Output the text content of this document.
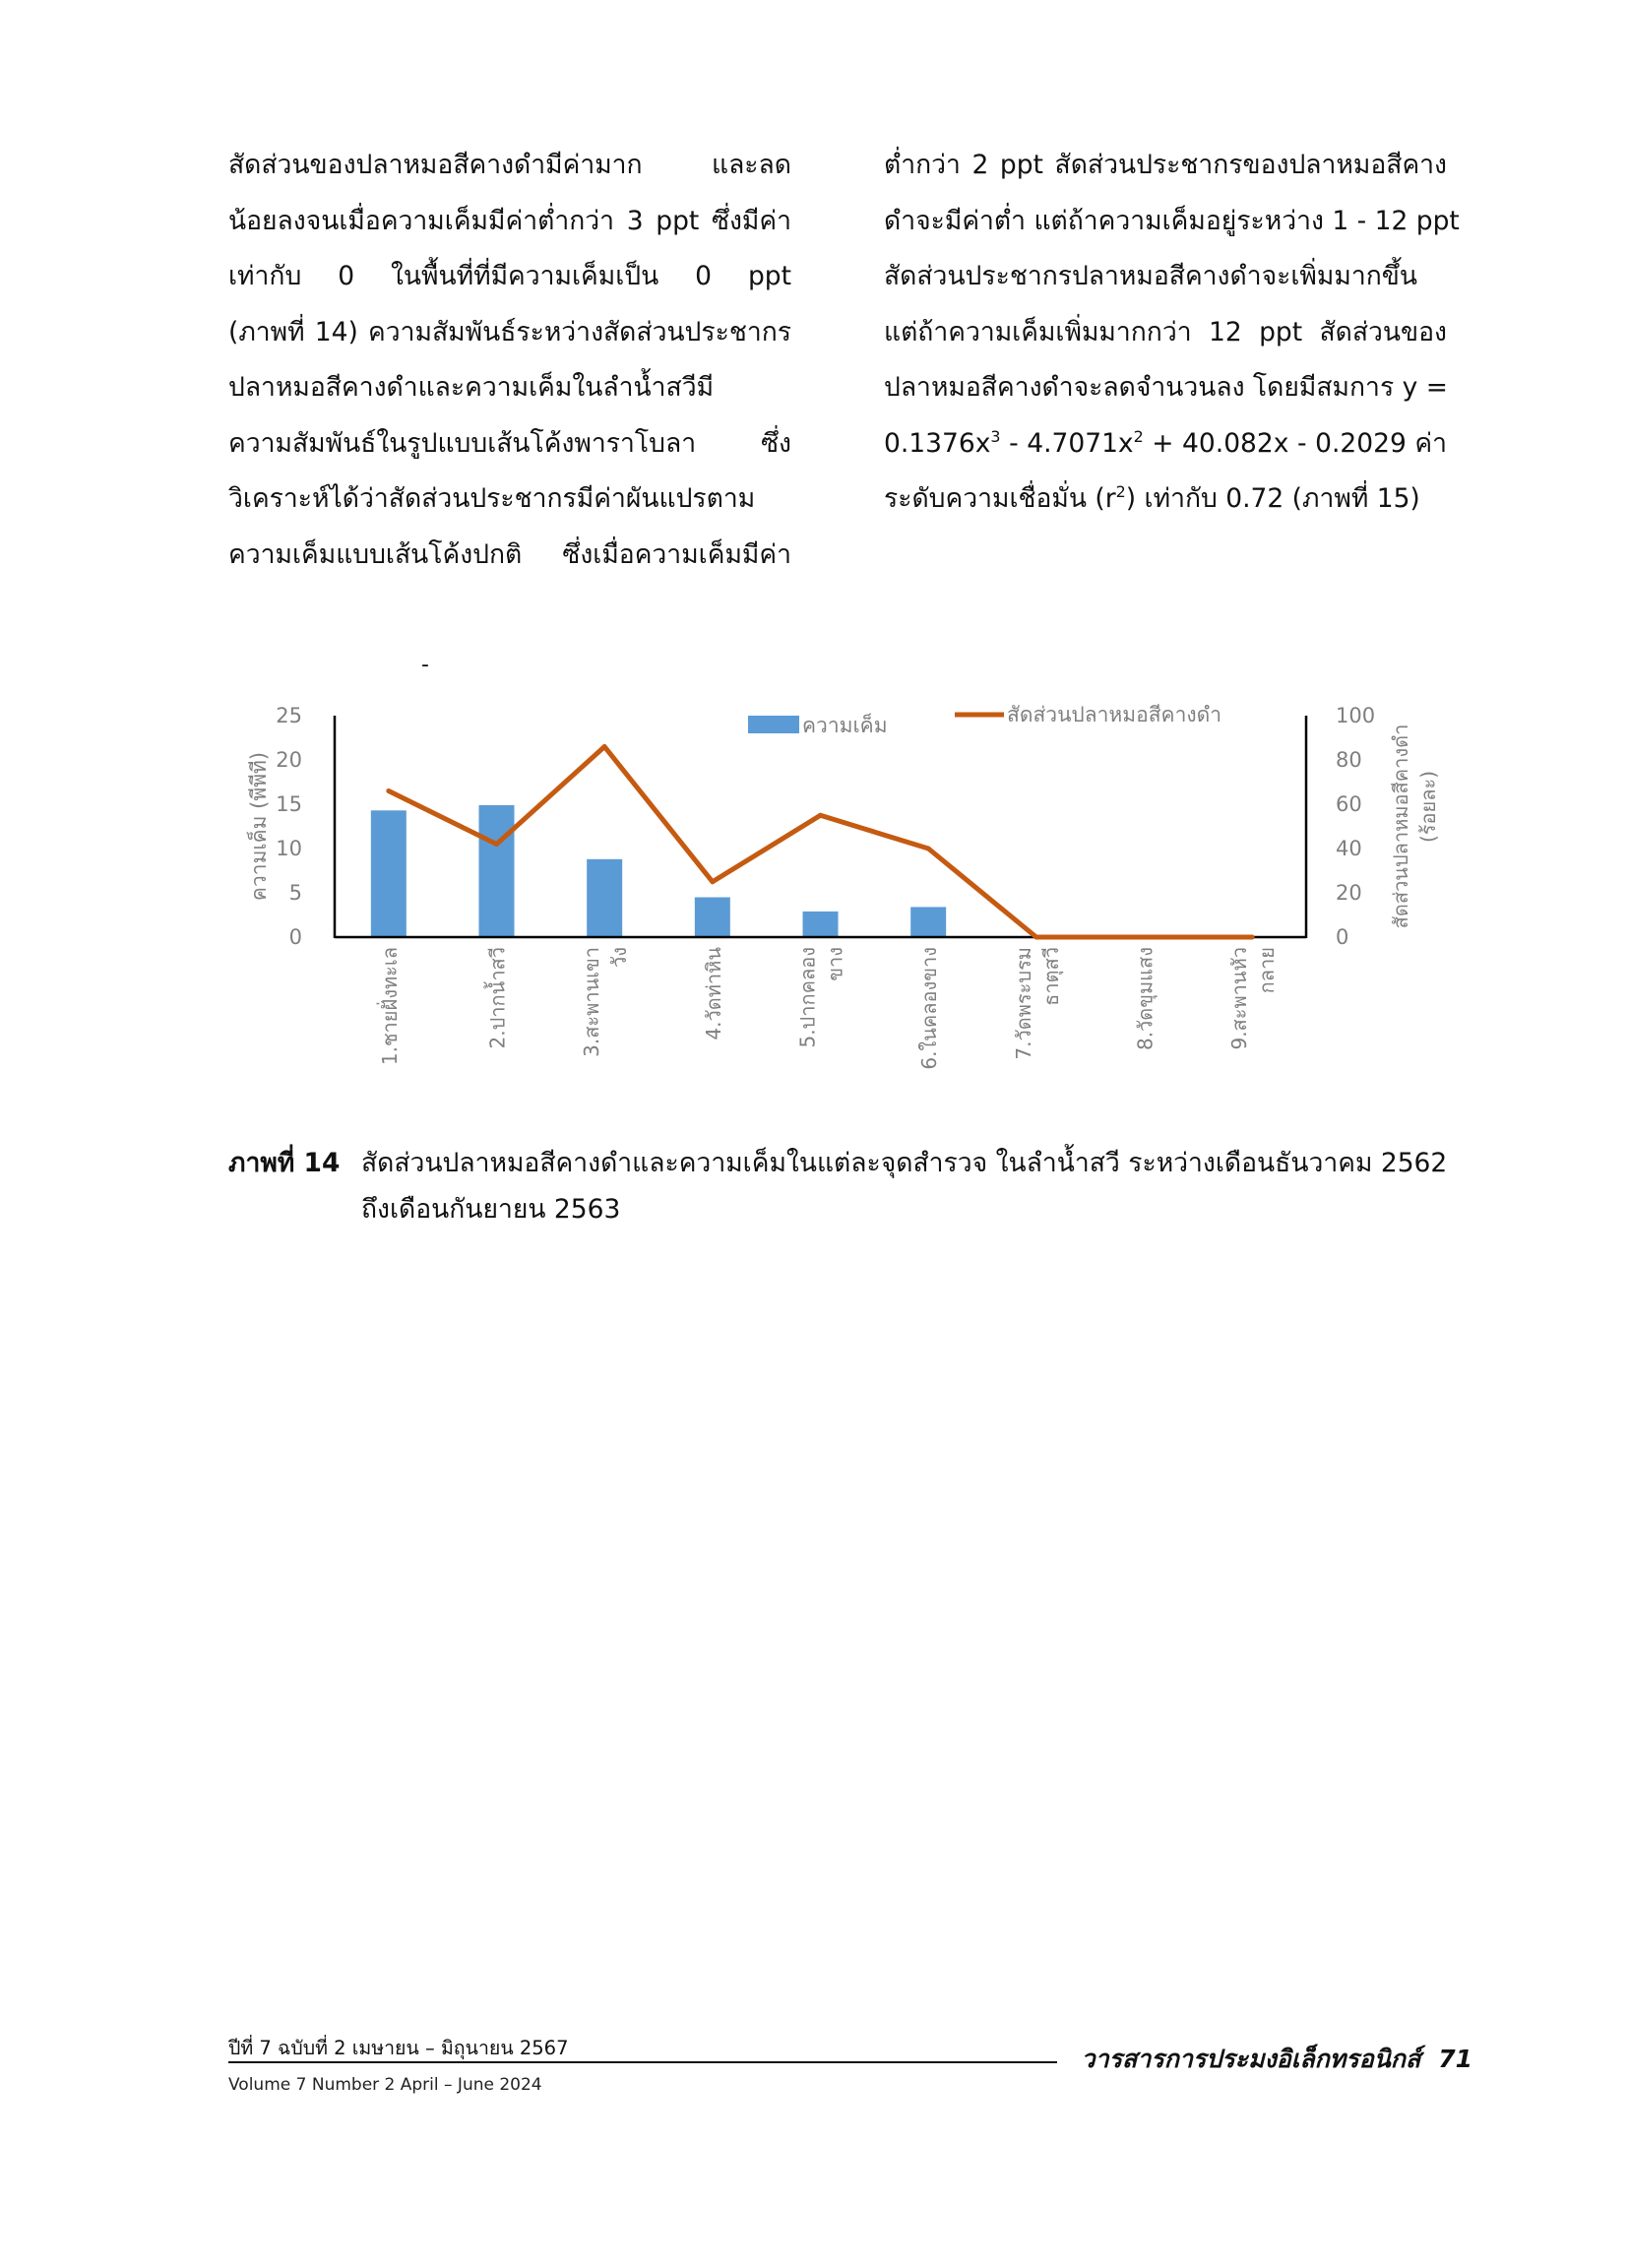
สัดส่วนของปลาหมอสีคางดำมีค่ามาก และลด

น้อยลงจนเมื่อความเค็มมีค่าต่ำกว่า 3 ppt ซึ่งมีค่า

เท่ากับ 0 ในพื้นที่ที่มีความเค็มเป็น 0 ppt

(ภาพที่ 14) ความสัมพันธ์ระหว่างสัดส่วนประชากร

ปลาหมอสีคางดำและความเค็มในลำน้ำสวีมี

ความสัมพันธ์ในรูปแบบเส้นโค้งพาราโบลา ซึ่ง

วิเคราะห์ได้ว่าสัดส่วนประชากรมีค่าผันแปรตาม

ความเค็มแบบเส้นโค้งปกติ ซึ่งเมื่อความเค็มมีค่า

ต่ำกว่า 2 ppt สัดส่วนประชากรของปลาหมอสีคาง

ดำจะมีค่าต่ำ แต่ถ้าความเค็มอยู่ระหว่าง 1 - 12 ppt

สัดส่วนประชากรปลาหมอสีคางดำจะเพิ่มมากขึ้น

แต่ถ้าความเค็มเพิ่มมากกว่า 12 ppt สัดส่วนของ

ปลาหมอสีคางดำจะลดจำนวนลง โดยมีสมการ y =

$0.1376x^3 - 4.7071x^2 + 40.082x - 0.2029$ ค่า

ระดับความเชื่อมั่น $(r^2)$ เท่ากับ 0.72 (ภาพที่ 15)

-
0
5
10
15
20
25
0
20
40
60
80
100
ความเค็ม (พีพีที)	สัดส่วนปลาหมอสีคางดำ (ร้อยละ)
ความเค็ม	สัดส่วนปลาหมอสีคางดำ
1.ชายฝั่งทะเล	2.ปากน้ำสวี	3.สะพานเขา วัง	4.วัดท่าหิน	5.ปากคลอง ขาง	6.ในคลองขาง	7.วัดพระบรม ธาตุสวี	8.วัดขุมแสง	9.สะพานหัว กลาย
ภาพที่ 14 สัดส่วนปลาหมอสีคางดำและความเค็มในแต่ละจุดสำรวจ ในลำน้ำสวี ระหว่างเดือนธันวาคม 2562 ถึงเดือนกันยายน 2563
ปีที่ 7 ฉบับที่ 2 เมษายน – มิถุนายน 2567
Volume 7 Number 2 April – June 2024
วารสารการประมงอิเล็กทรอนิกส์ 71
